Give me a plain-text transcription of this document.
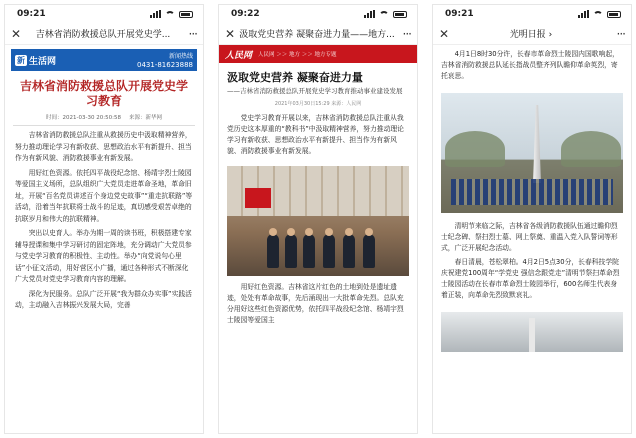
09:21
✕	吉林省消防救援总队开展党史学...	···
新 生活网
新闻热线
0431-81623888
吉林省消防救援总队开展党史学习教育
时间：2021-03-30 20:50:58 来源：新华网

吉林省消防救援总队注重从救援历史中汲取精神营养，努力推动理论学习有新收获、思想政治水平有新提升、担当作为有新风貌、消防救援事业有新发展。

用好红色资源。依托四平战役纪念馆、杨靖宇烈士陵园等爱国主义场所，总队组织广大党员走进革命圣地，革命旧址，开展“百名党员讲述百个身边党史故事”“重走抗联路”等活动，沿着当年抗联将士战斗的足迹，真切感受艰苦卓绝的抗联岁月和伟大的抗联精神。

突出以史育人。举办为期一周的读书班，积极搭建专家辅导授课和集中学习研讨的固定阵地，充分调动广大党员参与党史学习教育的积极性、主动性。举办“向党说句心里话”小征文活动，用好营区小广播，通过各种形式不断深化广大党员对党史学习教育内容的理解。

深化为民服务。总队广泛开展“我为群众办实事”实践活动，主动融入吉林振兴发展大局，完善

09:22
✕ 汲取党史营养 凝聚奋进力量——地方... ···
人民网 人民网 ＞＞ 地方 ＞＞ 地方专题
汲取党史营养 凝聚奋进力量
——吉林省消防救援总队开展党史学习教育推动事业建设发展
2021年03月30日15:29 来源：人民网

党史学习教育开展以来，吉林省消防救援总队注重从我党历史这本厚重的“教科书”中汲取精神营养，努力推动理论学习有新收获、思想政治水平有新提升、担当作为有新风貌、消防救援事业有新发展。

用好红色资源。吉林省这片红色的土地到处是遗址遗迹，处处有革命故事，先后涌现出一大批革命先烈。总队充分用好这些红色资源优势，依托四平战役纪念馆、杨靖宇烈士陵园等爱国主

09:21
✕	光明日报 ›	···

4月1日8时30分许，长春市革命烈士陵园内国歌响起，吉林省消防救援总队延长指战员整齐列队瞻仰革命英烈，寄托哀思。

清明节来临之际，吉林省各级消防救援队伍通过瞻仰烈士纪念碑、祭扫烈士墓、网上祭奠、重温入党入队誓词等形式，广泛开展纪念活动。

春日清晨，苍松翠柏。4月2日5点30分，长春科技学院庆祝建党100周年“学党史 强信念跟党走”清明节祭扫革命烈士陵园活动在长春市革命烈士陵园举行，600名师生代表身着正装，向革命先烈致默哀礼。
